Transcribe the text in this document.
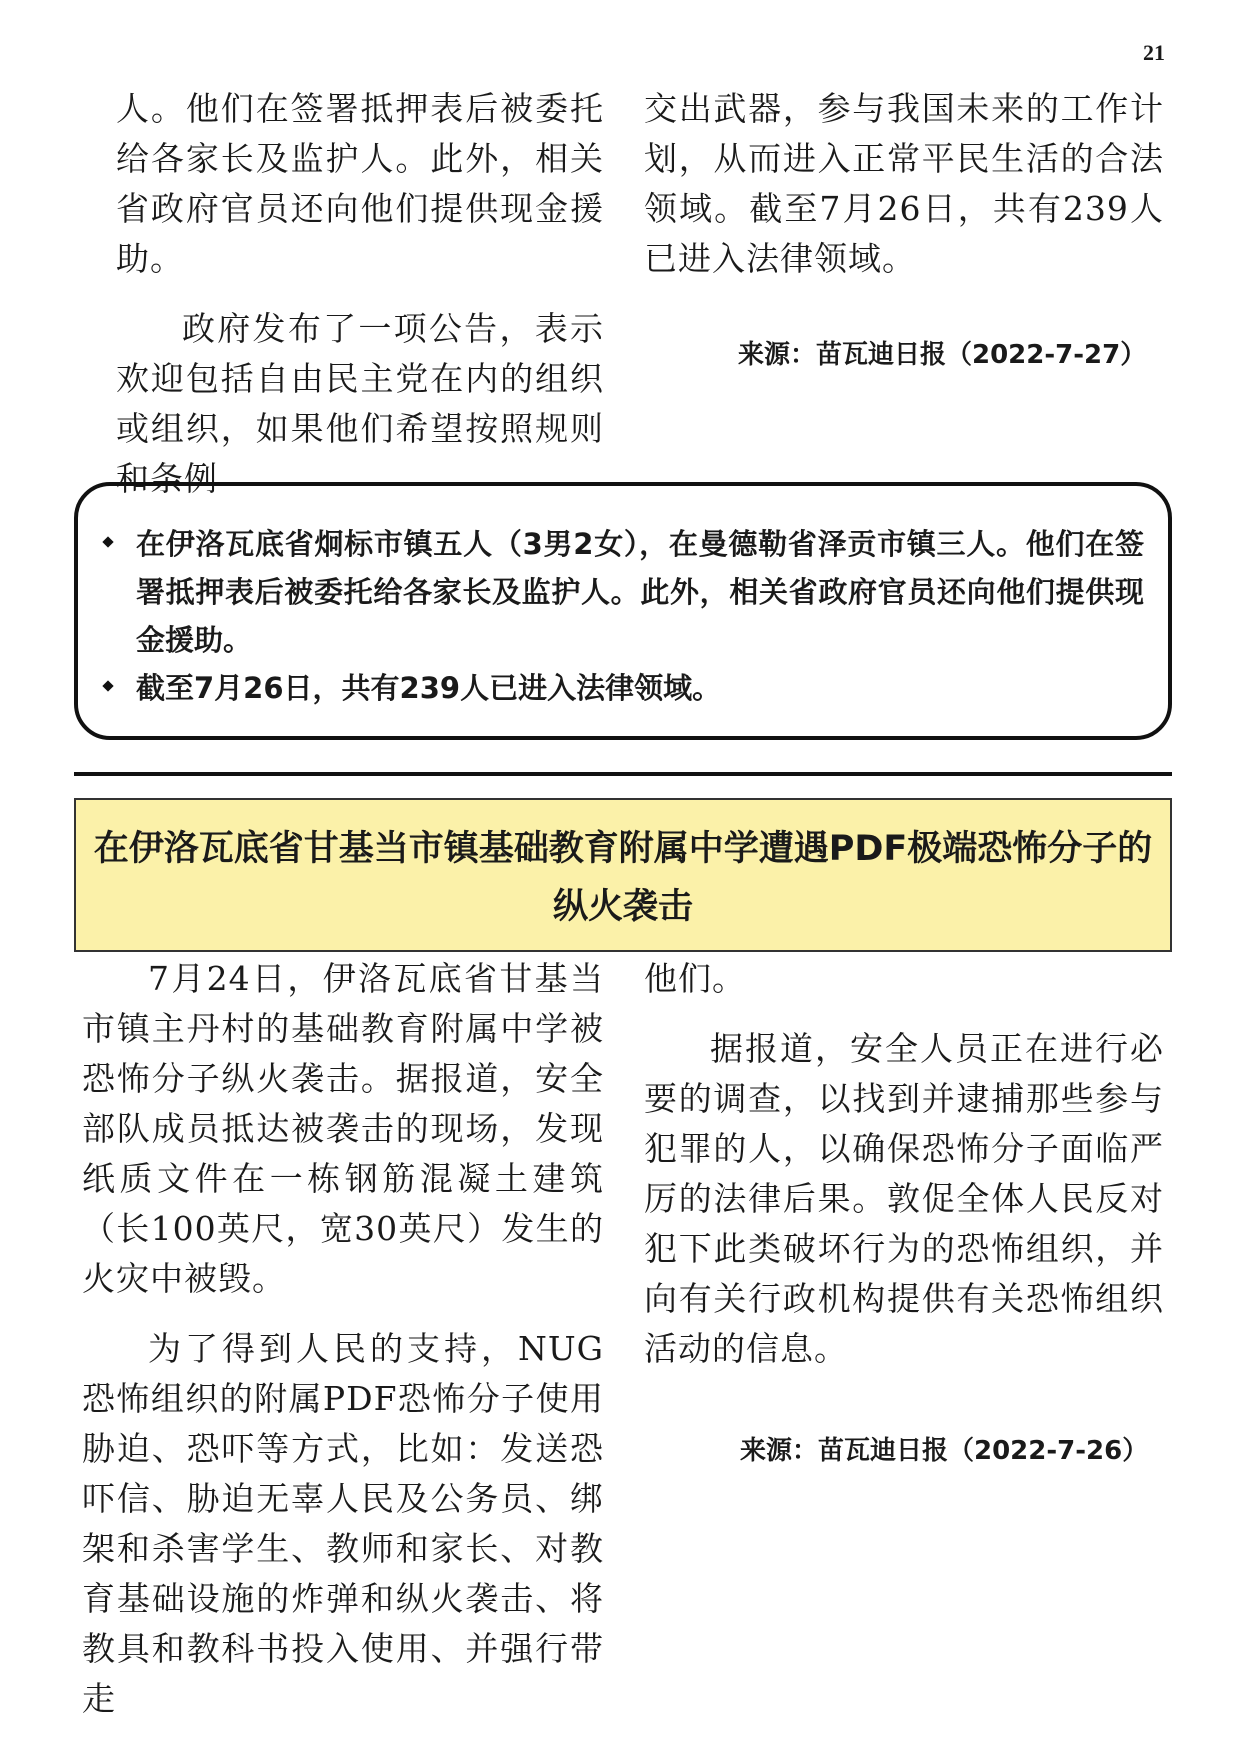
21

人。他们在签署抵押表后被委托给各家长及监护人。此外，相关省政府官员还向他们提供现金援助。

政府发布了一项公告，表示欢迎包括自由民主党在内的组织或组织，如果他们希望按照规则和条例

交出武器，参与我国未来的工作计划，从而进入正常平民生活的合法领域。截至7月26日，共有239人已进入法律领域。

来源：苗瓦迪日报（2022-7-27）
在伊洛瓦底省炯标市镇五人（3男2女），在曼德勒省泽贡市镇三人。他们在签署抵押表后被委托给各家长及监护人。此外，相关省政府官员还向他们提供现金援助。
截至7月26日，共有239人已进入法律领域。
在伊洛瓦底省甘基当市镇基础教育附属中学遭遇PDF极端恐怖分子的纵火袭击

7月24日，伊洛瓦底省甘基当市镇主丹村的基础教育附属中学被恐怖分子纵火袭击。据报道，安全部队成员抵达被袭击的现场，发现纸质文件在一栋钢筋混凝土建筑（长100英尺，宽30英尺）发生的火灾中被毁。

为了得到人民的支持，NUG恐怖组织的附属PDF恐怖分子使用胁迫、恐吓等方式，比如：发送恐吓信、胁迫无辜人民及公务员、绑架和杀害学生、教师和家长、对教育基础设施的炸弹和纵火袭击、将教具和教科书投入使用、并强行带走

他们。

据报道，安全人员正在进行必要的调查，以找到并逮捕那些参与犯罪的人，以确保恐怖分子面临严厉的法律后果。敦促全体人民反对犯下此类破坏行为的恐怖组织，并向有关行政机构提供有关恐怖组织活动的信息。

来源：苗瓦迪日报（2022-7-26）
